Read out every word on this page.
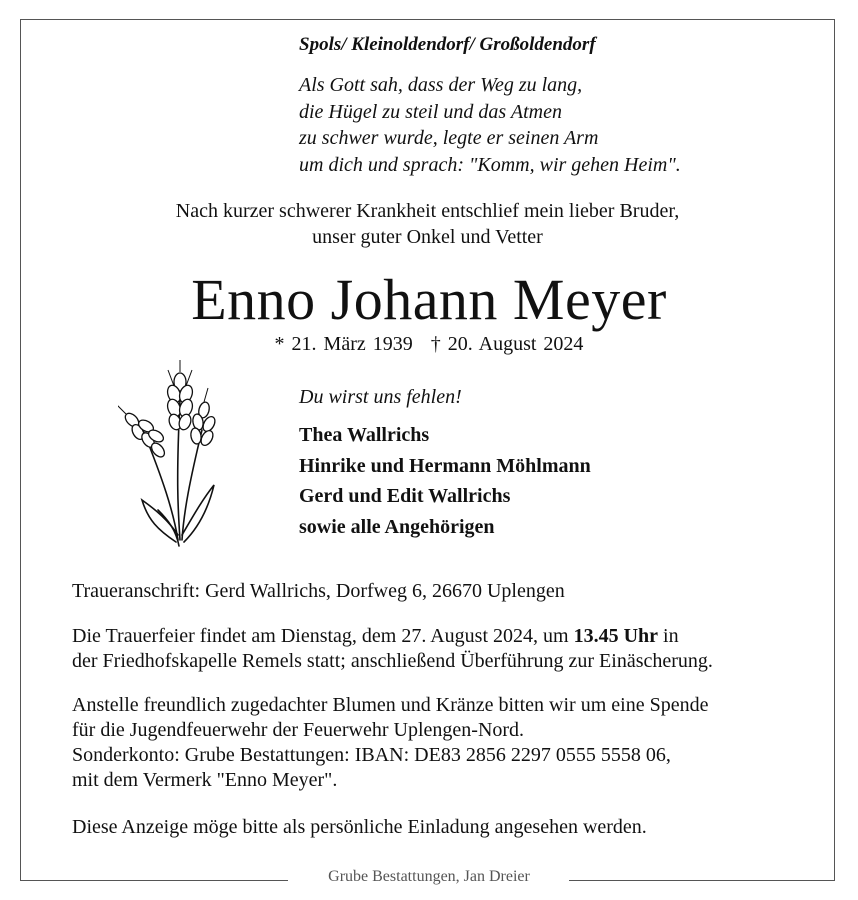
Spols/ Kleinoldendorf/ Großoldendorf
Als Gott sah, dass der Weg zu lang,
die Hügel zu steil und das Atmen
zu schwer wurde, legte er seinen Arm
um dich und sprach: "Komm, wir gehen Heim".
Nach kurzer schwerer Krankheit entschlief mein lieber Bruder,
unser guter Onkel und Vetter
Enno Johann Meyer
* 21. März 1939 † 20. August 2024
Du wirst uns fehlen!
Thea Wallrichs
Hinrike und Hermann Möhlmann
Gerd und Edit Wallrichs
sowie alle Angehörigen
Traueranschrift: Gerd Wallrichs, Dorfweg 6, 26670 Uplengen
Die Trauerfeier findet am Dienstag, dem 27. August 2024, um 13.45 Uhr in
der Friedhofskapelle Remels statt; anschließend Überführung zur Einäscherung.
Anstelle freundlich zugedachter Blumen und Kränze bitten wir um eine Spende
für die Jugendfeuerwehr der Feuerwehr Uplengen-Nord.
Sonderkonto: Grube Bestattungen: IBAN: DE83 2856 2297 0555 5558 06,
mit dem Vermerk "Enno Meyer".
Diese Anzeige möge bitte als persönliche Einladung angesehen werden.
Grube Bestattungen, Jan Dreier
